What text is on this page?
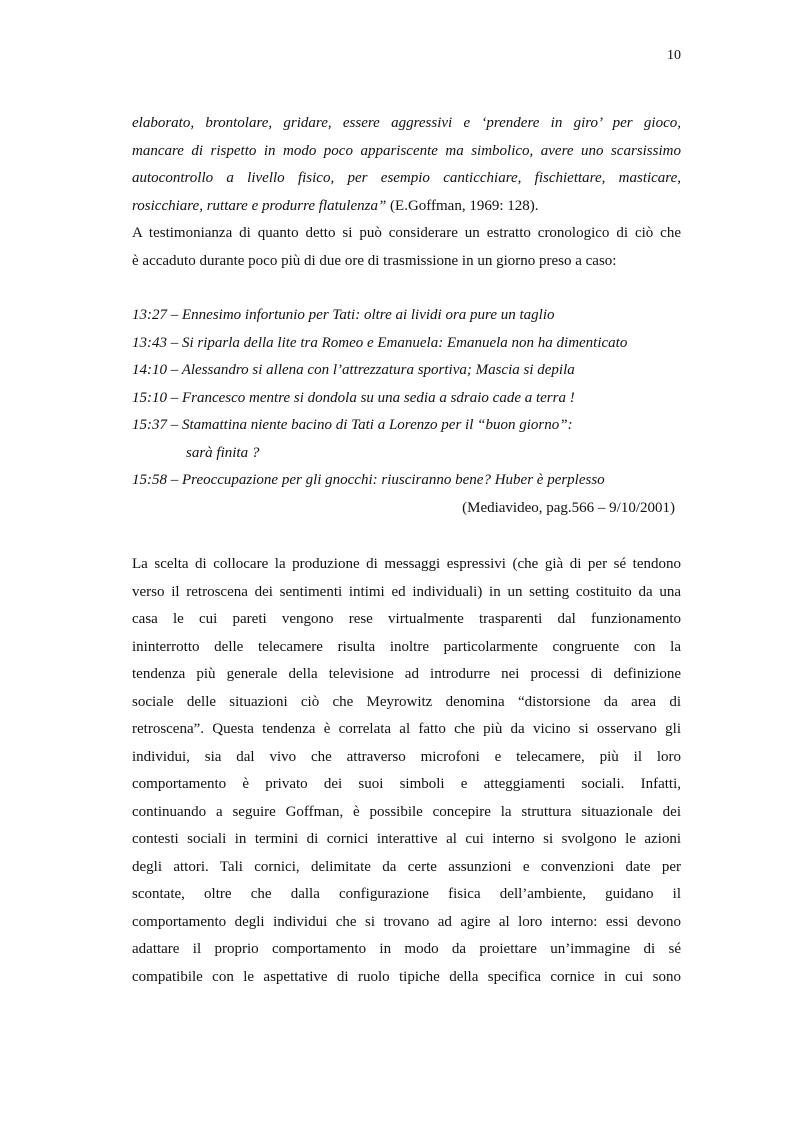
10
elaborato, brontolare, gridare, essere aggressivi e ‘prendere in giro’ per gioco,
mancare di rispetto in modo poco appariscente ma simbolico, avere uno scarsissimo
autocontrollo a livello fisico, per esempio canticchiare, fischiettare, masticare,
rosicchiare, ruttare e produrre flatulenza” (E.Goffman, 1969: 128).
A testimonianza di quanto detto si può considerare un estratto cronologico di ciò che
è accaduto durante poco più di due ore di trasmissione in un giorno preso a caso:
13:27 – Ennesimo infortunio per Tati: oltre ai lividi ora pure un taglio
13:43 – Si riparla della lite tra Romeo e Emanuela: Emanuela non ha dimenticato
14:10 – Alessandro si allena con l’attrezzatura sportiva; Mascia si depila
15:10 – Francesco mentre si dondola su una sedia a sdraio cade a terra !
15:37 – Stamattina niente bacino di Tati a Lorenzo per il “buon giorno”:
sarà finita ?
15:58 – Preoccupazione per gli gnocchi: riusciranno bene? Huber è perplesso
(Mediavideo, pag.566 – 9/10/2001)
La scelta di collocare la produzione di messaggi espressivi (che già di per sé tendono
verso il retroscena dei sentimenti intimi ed individuali) in un setting costituito da una
casa le cui pareti vengono rese virtualmente trasparenti dal funzionamento
ininterrotto delle telecamere risulta inoltre particolarmente congruente con la
tendenza più generale della televisione ad introdurre nei processi di definizione
sociale delle situazioni ciò che Meyrowitz denomina “distorsione da area di
retroscena”. Questa tendenza è correlata al fatto che più da vicino si osservano gli
individui, sia dal vivo che attraverso microfoni e telecamere, più il loro
comportamento è privato dei suoi simboli e atteggiamenti sociali. Infatti,
continuando a seguire Goffman, è possibile concepire la struttura situazionale dei
contesti sociali in termini di cornici interattive al cui interno si svolgono le azioni
degli attori. Tali cornici, delimitate da certe assunzioni e convenzioni date per
scontate, oltre che dalla configurazione fisica dell’ambiente, guidano il
comportamento degli individui che si trovano ad agire al loro interno: essi devono
adattare il proprio comportamento in modo da proiettare un’immagine di sé
compatibile con le aspettative di ruolo tipiche della specifica cornice in cui sono
